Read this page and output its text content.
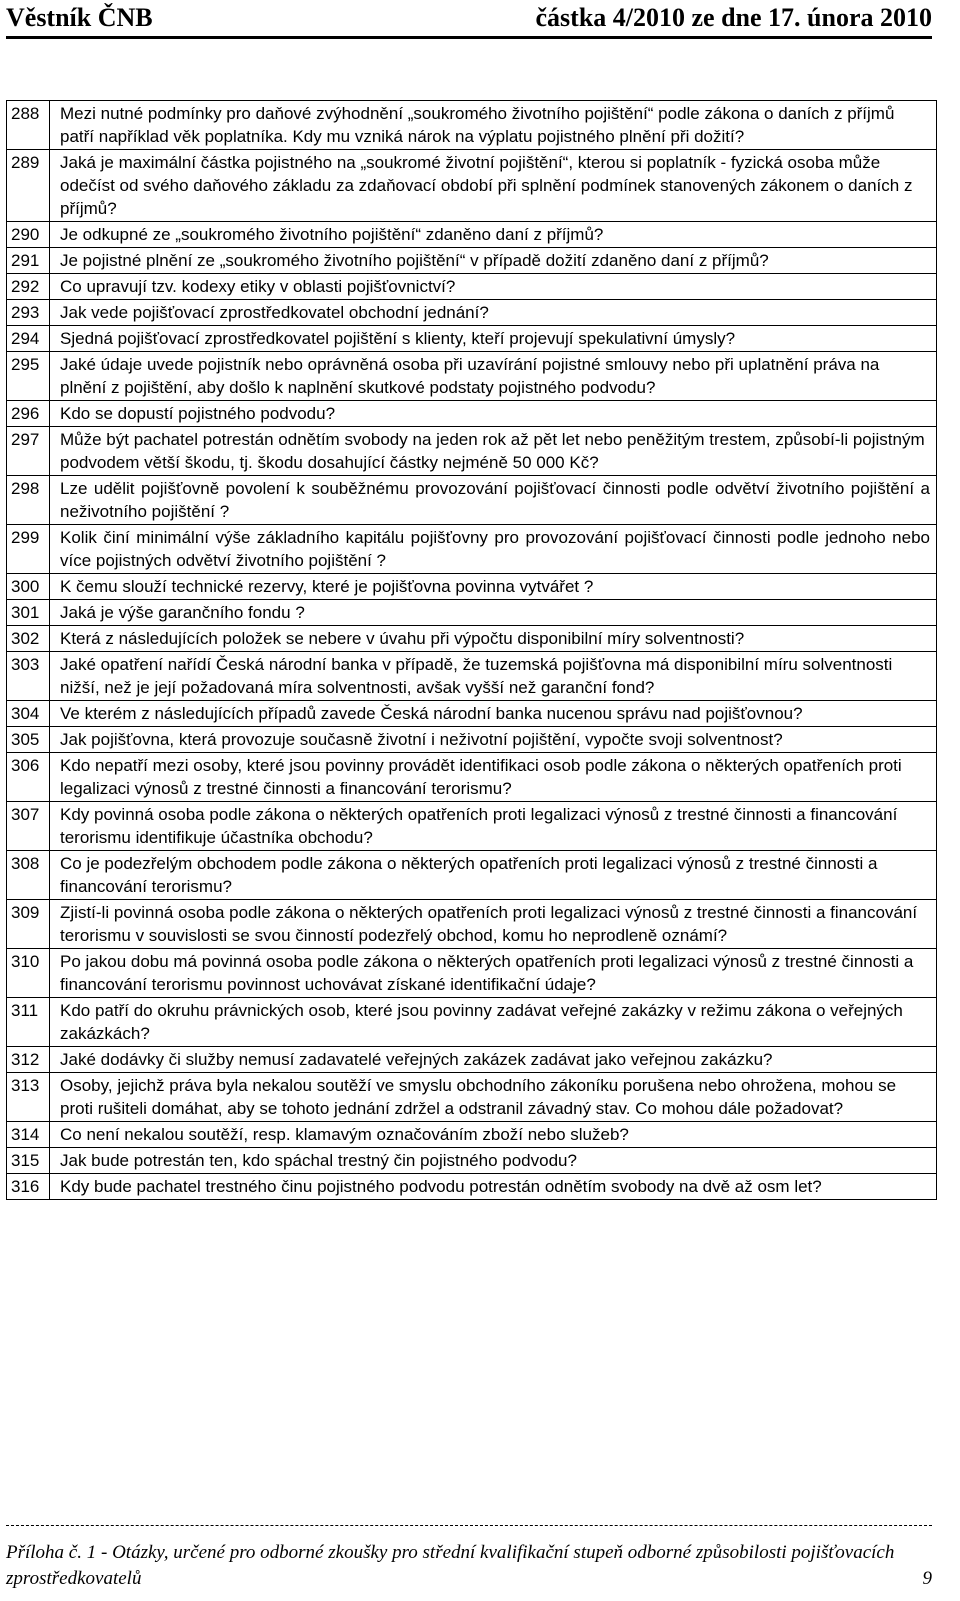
Věstník ČNB	částka 4/2010 ze dne 17. února 2010
288	Mezi nutné podmínky pro daňové zvýhodnění „soukromého životního pojištění“ podle zákona o daních z příjmů patří například věk poplatníka. Kdy mu vzniká nárok na výplatu pojistného plnění při dožití?
289	Jaká je maximální částka pojistného na „soukromé životní pojištění“, kterou si poplatník - fyzická osoba může odečíst od svého daňového základu za zdaňovací období při splnění podmínek stanovených zákonem o daních z příjmů?
290	Je odkupné ze „soukromého životního pojištění“ zdaněno daní z příjmů?
291	Je pojistné plnění ze „soukromého životního pojištění“ v případě dožití zdaněno daní z příjmů?
292	Co upravují tzv. kodexy etiky v oblasti pojišťovnictví?
293	Jak vede pojišťovací zprostředkovatel obchodní jednání?
294	Sjedná pojišťovací zprostředkovatel pojištění s klienty, kteří projevují spekulativní úmysly?
295	Jaké údaje uvede pojistník nebo oprávněná osoba při uzavírání pojistné smlouvy nebo při uplatnění práva na plnění z pojištění, aby došlo k naplnění skutkové podstaty pojistného podvodu?
296	Kdo se dopustí pojistného podvodu?
297	Může být pachatel potrestán odnětím svobody na jeden rok až pět let nebo peněžitým trestem, způsobí-li pojistným podvodem větší škodu, tj. škodu dosahující částky nejméně 50 000 Kč?
298	Lze udělit pojišťovně povolení k souběžnému provozování pojišťovací činnosti podle odvětví životního pojištění a neživotního pojištění ?
299	Kolik činí minimální výše základního kapitálu pojišťovny pro provozování pojišťovací činnosti podle jednoho nebo více pojistných odvětví životního pojištění ?
300	K čemu slouží technické rezervy, které je pojišťovna povinna vytvářet ?
301	Jaká je výše garančního fondu ?
302	Která z následujících položek se nebere v úvahu při výpočtu disponibilní míry solventnosti?
303	Jaké opatření nařídí Česká národní banka v případě, že tuzemská pojišťovna má disponibilní míru solventnosti nižší, než je její požadovaná míra solventnosti, avšak vyšší než garanční fond?
304	Ve kterém z následujících případů zavede Česká národní banka nucenou správu nad pojišťovnou?
305	Jak pojišťovna, která provozuje současně životní i neživotní pojištění, vypočte svoji solventnost?
306	Kdo nepatří mezi osoby, které jsou povinny provádět identifikaci osob podle zákona o některých opatřeních proti legalizaci výnosů z trestné činnosti a financování terorismu?
307	Kdy povinná osoba podle zákona o některých opatřeních proti legalizaci výnosů z trestné činnosti a financování terorismu identifikuje účastníka obchodu?
308	Co je podezřelým obchodem podle zákona o některých opatřeních proti legalizaci výnosů z trestné činnosti a financování terorismu?
309	Zjistí-li povinná osoba podle zákona o některých opatřeních proti legalizaci výnosů z trestné činnosti a financování terorismu v souvislosti se svou činností podezřelý obchod, komu ho neprodleně oznámí?
310	Po jakou dobu má povinná osoba podle zákona o některých opatřeních proti legalizaci výnosů z trestné činnosti a financování terorismu povinnost uchovávat získané identifikační údaje?
311	Kdo patří do okruhu právnických osob, které jsou povinny zadávat veřejné zakázky v režimu zákona o veřejných zakázkách?
312	Jaké dodávky či služby nemusí zadavatelé veřejných zakázek zadávat jako veřejnou zakázku?
313	Osoby, jejichž práva byla nekalou soutěží ve smyslu obchodního zákoníku porušena nebo ohrožena, mohou se proti rušiteli domáhat, aby se tohoto jednání zdržel a odstranil závadný stav. Co mohou dále požadovat?
314	Co není nekalou soutěží, resp. klamavým označováním zboží nebo služeb?
315	Jak bude potrestán ten, kdo spáchal trestný čin pojistného podvodu?
316	Kdy bude pachatel trestného činu pojistného podvodu potrestán odnětím svobody na dvě až osm let?
Příloha č. 1 - Otázky, určené pro odborné zkoušky pro střední kvalifikační stupeň odborné způsobilosti pojišťovacích zprostředkovatelů	9
